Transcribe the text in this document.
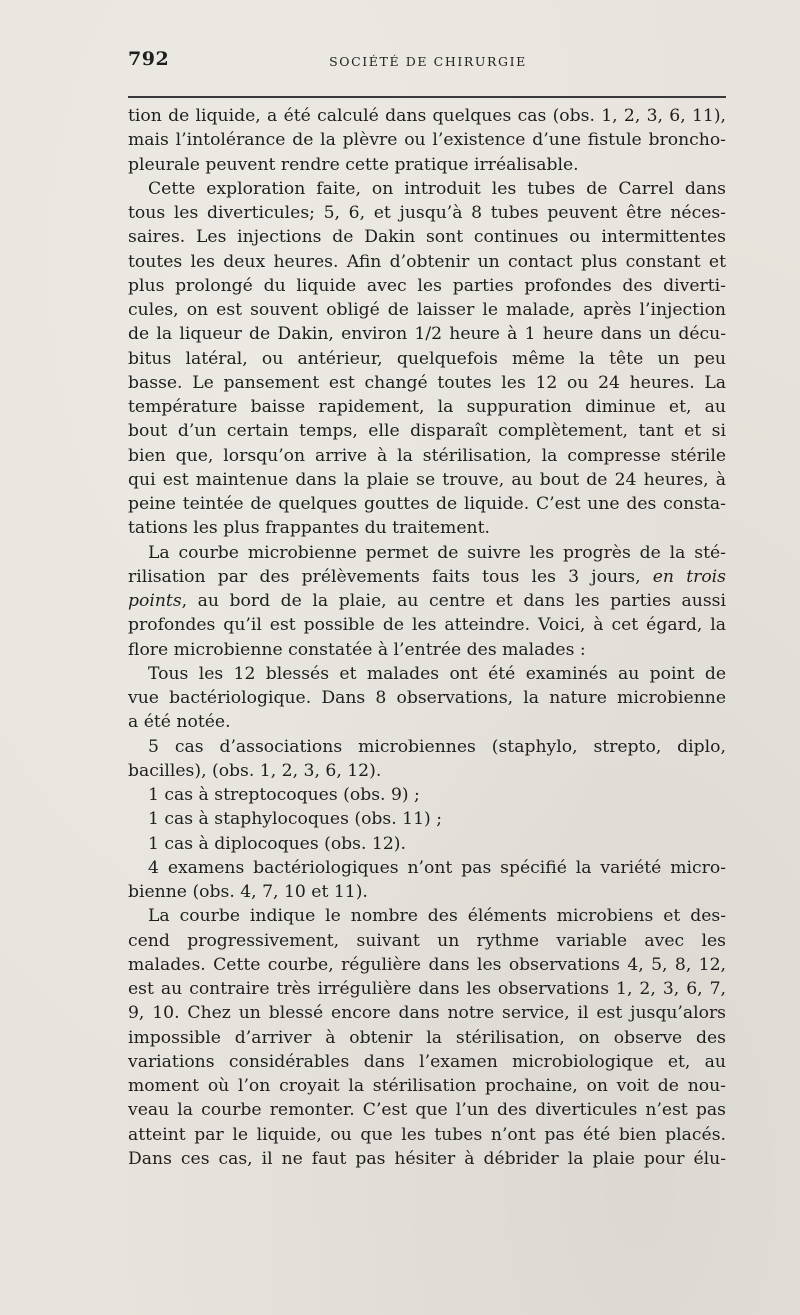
792	SOCIÉTÉ DE CHIRURGIE
tion de liquide, a été calculé dans quelques cas (obs. 1, 2, 3, 6, 11),
mais l’intolérance de la plèvre ou l’existence d’une fistule broncho-
pleurale peuvent rendre cette pratique irréalisable.
Cette exploration faite, on introduit les tubes de Carrel dans
tous les diverticules; 5, 6, et jusqu’à 8 tubes peuvent être néces-
saires. Les injections de Dakin sont continues ou intermittentes
toutes les deux heures. Afin d’obtenir un contact plus constant et
plus prolongé du liquide avec les parties profondes des diverti-
cules, on est souvent obligé de laisser le malade, après l’injection
de la liqueur de Dakin, environ 1/2 heure à 1 heure dans un décu-
bitus latéral, ou antérieur, quelquefois même la tête un peu
basse. Le pansement est changé toutes les 12 ou 24 heures. La
température baisse rapidement, la suppuration diminue et, au
bout d’un certain temps, elle disparaît complètement, tant et si
bien que, lorsqu’on arrive à la stérilisation, la compresse stérile
qui est maintenue dans la plaie se trouve, au bout de 24 heures, à
peine teintée de quelques gouttes de liquide. C’est une des consta-
tations les plus frappantes du traitement.
La courbe microbienne permet de suivre les progrès de la sté-
rilisation par des prélèvements faits tous les 3 jours, en trois
points, au bord de la plaie, au centre et dans les parties aussi
profondes qu’il est possible de les atteindre. Voici, à cet égard, la
flore microbienne constatée à l’entrée des malades :
Tous les 12 blessés et malades ont été examinés au point de
vue bactériologique. Dans 8 observations, la nature microbienne
a été notée.
5 cas d’associations microbiennes (staphylo, strepto, diplo,
bacilles), (obs. 1, 2, 3, 6, 12).
1 cas à streptocoques (obs. 9) ;
1 cas à staphylocoques (obs. 11) ;
1 cas à diplocoques (obs. 12).
4 examens bactériologiques n’ont pas spécifié la variété micro-
bienne (obs. 4, 7, 10 et 11).
La courbe indique le nombre des éléments microbiens et des-
cend progressivement, suivant un rythme variable avec les
malades. Cette courbe, régulière dans les observations 4, 5, 8, 12,
est au contraire très irrégulière dans les observations 1, 2, 3, 6, 7,
9, 10. Chez un blessé encore dans notre service, il est jusqu’alors
impossible d’arriver à obtenir la stérilisation, on observe des
variations considérables dans l’examen microbiologique et, au
moment où l’on croyait la stérilisation prochaine, on voit de nou-
veau la courbe remonter. C’est que l’un des diverticules n’est pas
atteint par le liquide, ou que les tubes n’ont pas été bien placés.
Dans ces cas, il ne faut pas hésiter à débrider la plaie pour élu-
